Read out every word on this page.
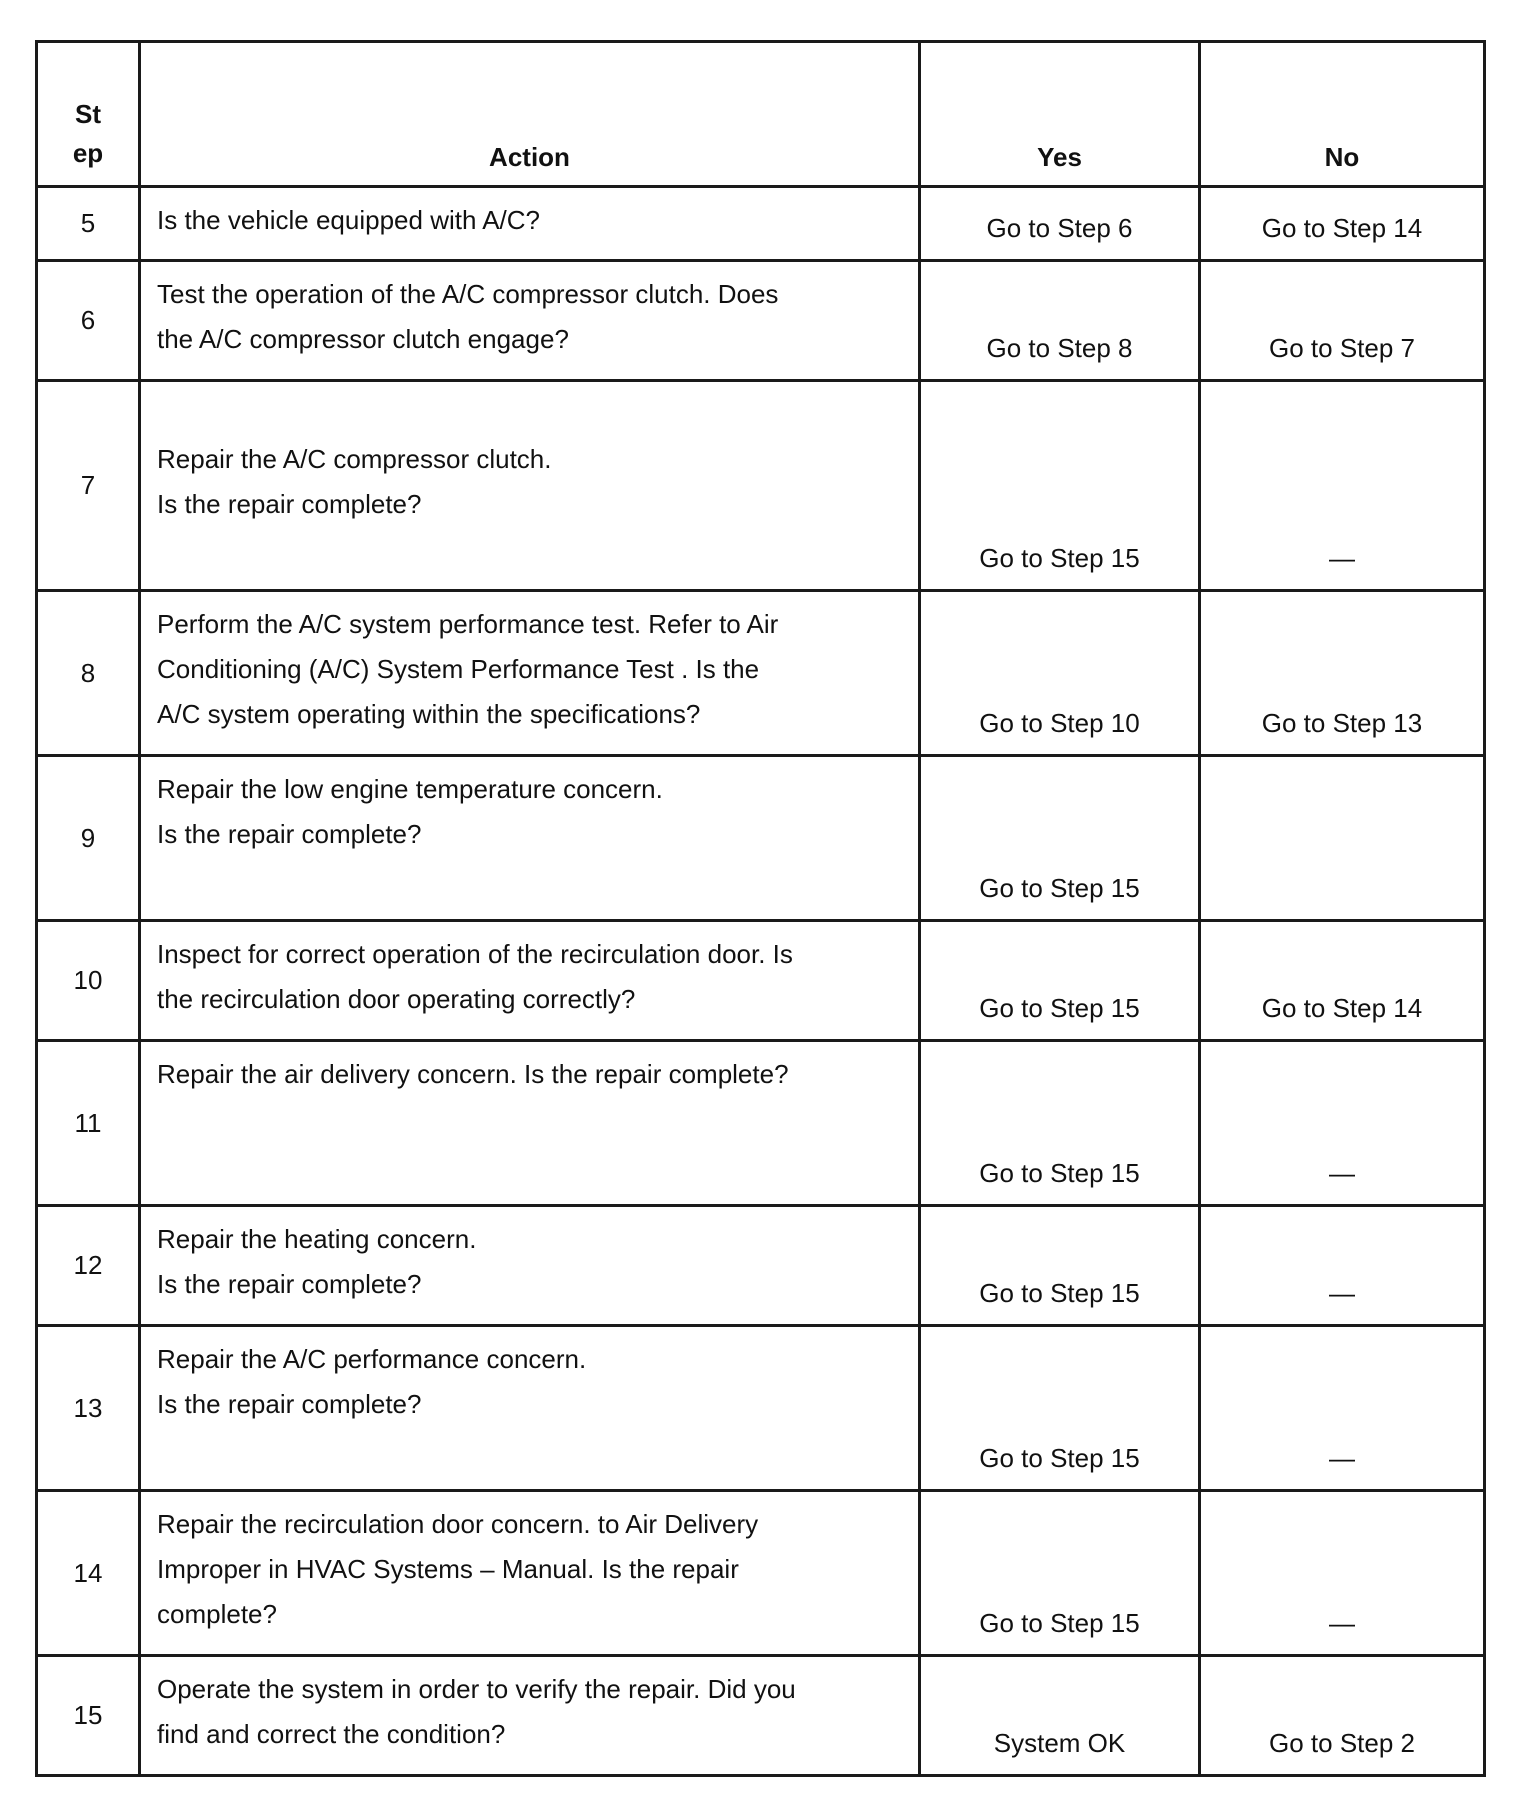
St
ep	Action	Yes	No
5	Is the vehicle equipped with A/C?	Go to Step 6	Go to Step 14
6	Test the operation of the A/C compressor clutch. Does
the A/C compressor clutch engage?	Go to Step 8	Go to Step 7
7	Repair the A/C compressor clutch.
Is the repair complete?	Go to Step 15	—
8	Perform the A/C system performance test. Refer to Air
Conditioning (A/C) System Performance Test . Is the
A/C system operating within the specifications?	Go to Step 10	Go to Step 13
9	Repair the low engine temperature concern.
Is the repair complete?	Go to Step 15	
10	Inspect for correct operation of the recirculation door. Is
the recirculation door operating correctly?	Go to Step 15	Go to Step 14
11	Repair the air delivery concern. Is the repair complete?	Go to Step 15	—
12	Repair the heating concern.
Is the repair complete?	Go to Step 15	—
13	Repair the A/C performance concern.
Is the repair complete?	Go to Step 15	—
14	Repair the recirculation door concern. to Air Delivery
Improper in HVAC Systems – Manual. Is the repair
complete?	Go to Step 15	—
15	Operate the system in order to verify the repair. Did you
find and correct the condition?	System OK	Go to Step 2
